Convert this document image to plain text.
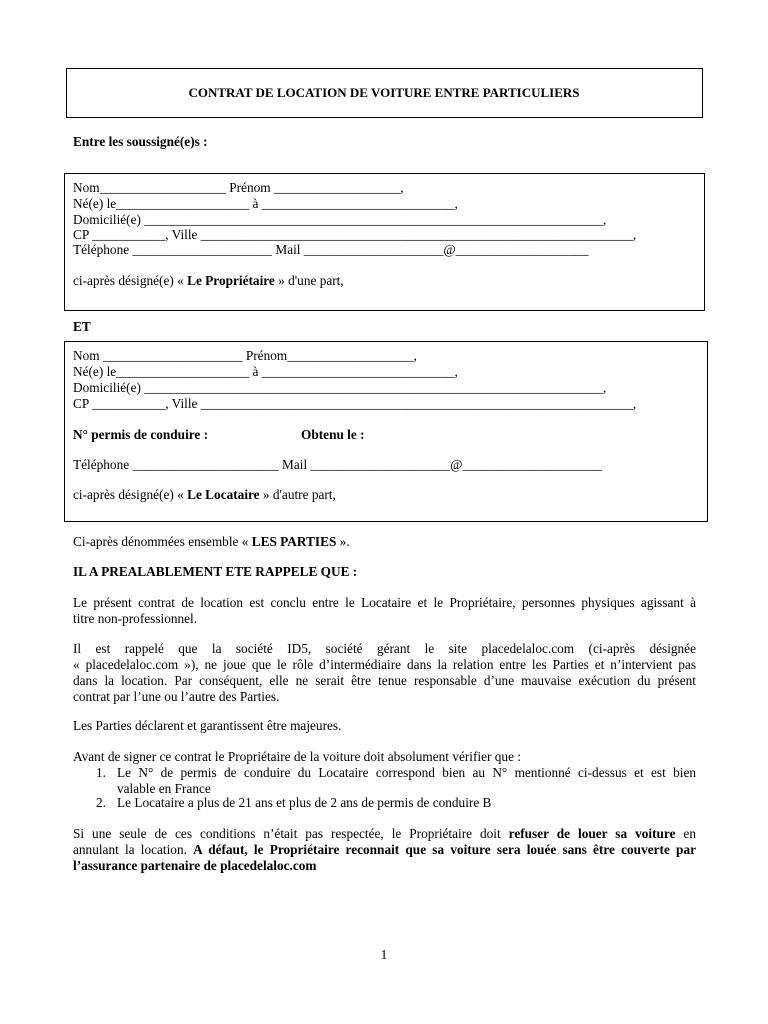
CONTRAT DE LOCATION DE VOITURE ENTRE PARTICULIERS
Entre les soussigné(e)s :
Nom___________________ Prénom ___________________,
Né(e) le____________________ à _____________________________,
Domicilié(e) _____________________________________________________________________,
CP ___________, Ville _________________________________________________________________,
Téléphone _____________________ Mail _____________________@____________________
ci-après désigné(e) « Le Propriétaire » d'une part,
ET
Nom _____________________ Prénom___________________,
Né(e) le____________________ à _____________________________,
Domicilié(e) _____________________________________________________________________,
CP ___________, Ville _________________________________________________________________,
N° permis de conduire :	Obtenu le :
Téléphone ______________________ Mail _____________________@_____________________
ci-après désigné(e) « Le Locataire » d'autre part,
Ci-après dénommées ensemble « LES PARTIES ».
IL A PREALABLEMENT ETE RAPPELE QUE :
Le présent contrat de location est conclu entre le Locataire et le Propriétaire, personnes physiques agissant à
titre non-professionnel.
Il est rappelé que la société ID5, société gérant le site placedelaloc.com (ci-après désignée
« placedelaloc.com »), ne joue que le rôle d’intermédiaire dans la relation entre les Parties et n’intervient pas
dans la location. Par conséquent, elle ne serait être tenue responsable d’une mauvaise exécution du présent
contrat par l’une ou l’autre des Parties.
Les Parties déclarent et garantissent être majeures.
Avant de signer ce contrat le Propriétaire de la voiture doit absolument vérifier que :
1. Le N° de permis de conduire du Locataire correspond bien au N° mentionné ci-dessus et est bien
valable en France
2. Le Locataire a plus de 21 ans et plus de 2 ans de permis de conduire B
Si une seule de ces conditions n’était pas respectée, le Propriétaire doit refuser de louer sa voiture en
annulant la location. A défaut, le Propriétaire reconnait que sa voiture sera louée sans être couverte par
l’assurance partenaire de placedelaloc.com
1
